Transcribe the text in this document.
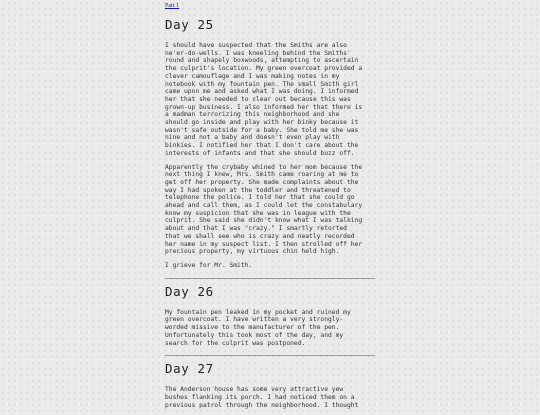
Part 1
Day 25

I should have suspected that the Smiths are also
ne'er-do-wells. I was kneeling behind the Smiths'
round and shapely boxwoods, attempting to ascertain
the culprit's location. My green overcoat provided a
clever camouflage and I was making notes in my
notebook with my fountain pen. The small Smith girl
came upon me and asked what I was doing. I informed
her that she needed to clear out because this was
grown-up business. I also informed her that there is
a madman terrorizing this neighborhood and she
should go inside and play with her binky because it
wasn't safe outside for a baby. She told me she was
nine and not a baby and doesn't even play with
binkies. I notified her that I don't care about the
interests of infants and that she should buzz off.

Apparently the crybaby whined to her mom because the
next thing I knew, Mrs. Smith came roaring at me to
get off her property. She made complaints about the
way I had spoken at the toddler and threatened to
telephone the police. I told her that she could go
ahead and call them, as I could let the constabulary
know my suspicion that she was in league with the
culprit. She said she didn't know what I was talking
about and that I was "crazy." I smartly retorted
that we shall see who is crazy and neatly recorded
her name in my suspect list. I then strolled off her
precious property, my virtuous chin held high.

I grieve for Mr. Smith.

Day 26

My fountain pen leaked in my pocket and ruined my
green overcoat. I have written a very strongly-
worded missive to the manufacturer of the pen.
Unfortunately this took most of the day, and my
search for the culprit was postponed.

Day 27

The Anderson house has some very attractive yew
bushes flanking its porch. I had noticed them on a
previous patrol through the neighborhood. I thought
